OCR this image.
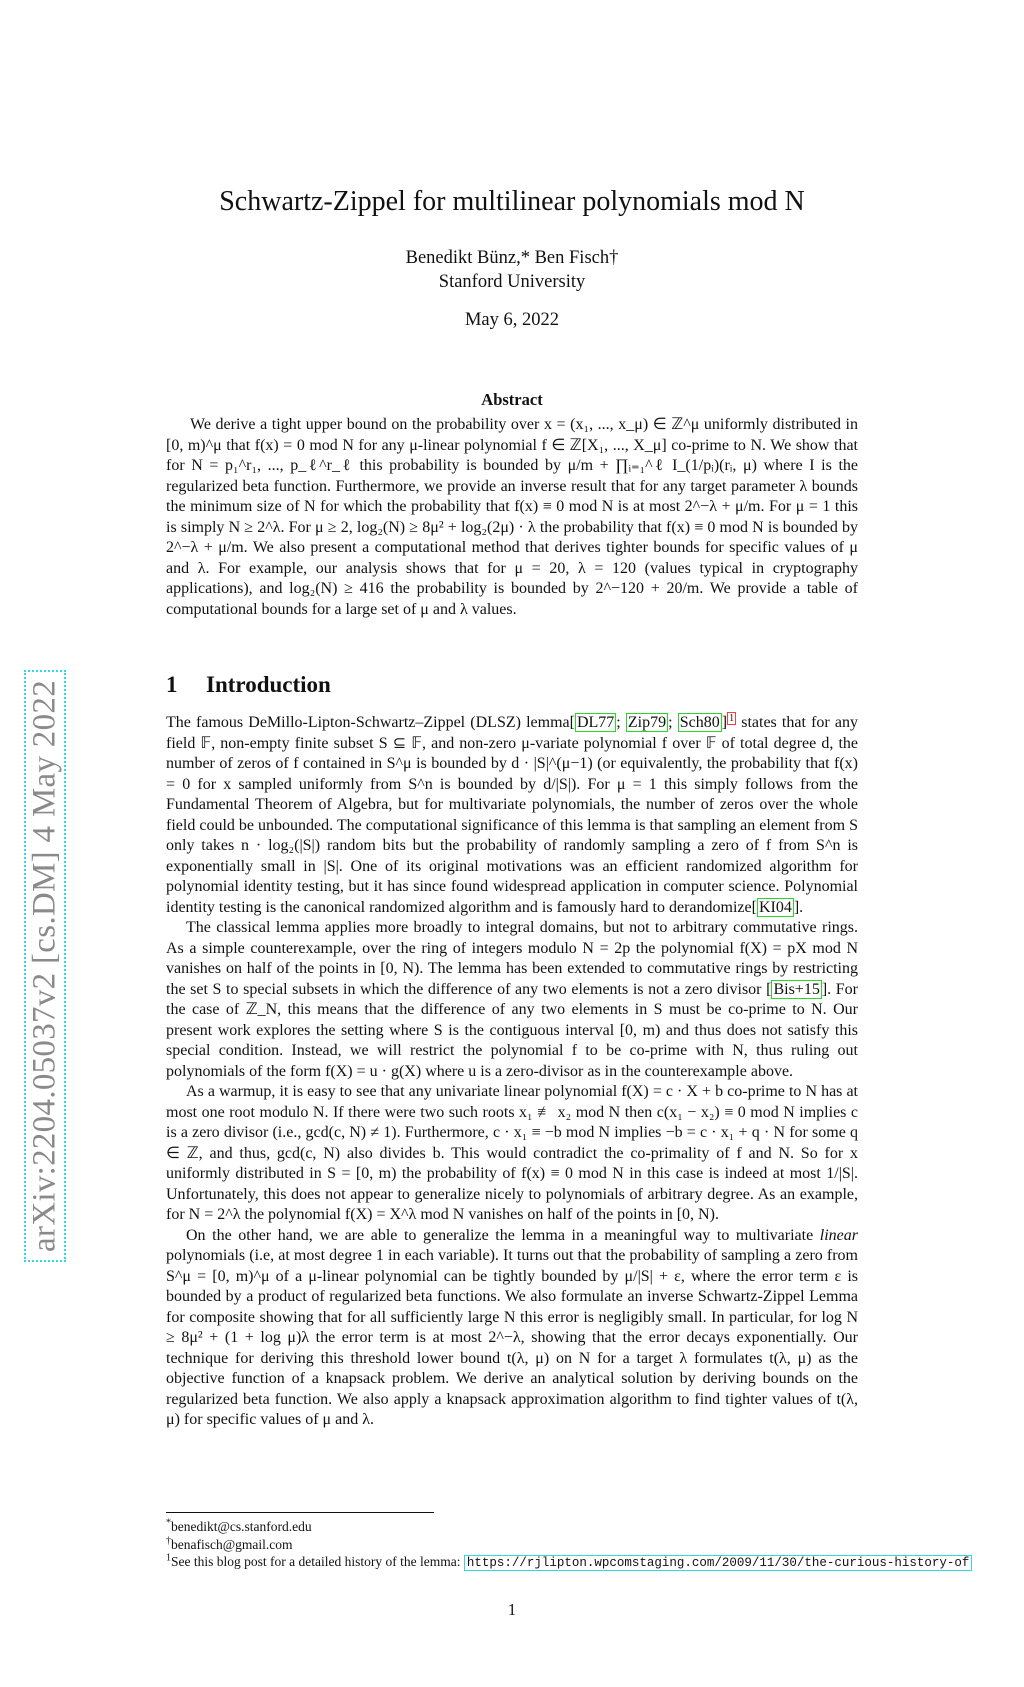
arXiv:2204.05037v2 [cs.DM] 4 May 2022
Schwartz-Zippel for multilinear polynomials mod N
Benedikt Bünz,* Ben Fisch†
Stanford University
May 6, 2022
Abstract

We derive a tight upper bound on the probability over x = (x₁, ..., x_μ) ∈ ℤ^μ uniformly distributed in [0, m)^μ that f(x) = 0 mod N for any μ-linear polynomial f ∈ ℤ[X₁, ..., X_μ] co-prime to N. We show that for N = p₁^r₁, ..., p_ℓ^r_ℓ this probability is bounded by μ/m + ∏ᵢ₌₁^ℓ I_(1/pᵢ)(rᵢ, μ) where I is the regularized beta function. Furthermore, we provide an inverse result that for any target parameter λ bounds the minimum size of N for which the probability that f(x) ≡ 0 mod N is at most 2^−λ + μ/m. For μ = 1 this is simply N ≥ 2^λ. For μ ≥ 2, log₂(N) ≥ 8μ² + log₂(2μ) · λ the probability that f(x) ≡ 0 mod N is bounded by 2^−λ + μ/m. We also present a computational method that derives tighter bounds for specific values of μ and λ. For example, our analysis shows that for μ = 20, λ = 120 (values typical in cryptography applications), and log₂(N) ≥ 416 the probability is bounded by 2^−120 + 20/m. We provide a table of computational bounds for a large set of μ and λ values.

1 Introduction

The famous DeMillo-Lipton-Schwartz–Zippel (DLSZ) lemma[ DL77 ; Zip79 ; Sch80 ] $^1$ states that for any field 𝔽, non-empty finite subset S ⊆ 𝔽, and non-zero μ-variate polynomial f over 𝔽 of total degree d, the number of zeros of f contained in S^μ is bounded by d · |S|^(μ−1) (or equivalently, the probability that f(x) = 0 for x sampled uniformly from S^n is bounded by d/|S|). For μ = 1 this simply follows from the Fundamental Theorem of Algebra, but for multivariate polynomials, the number of zeros over the whole field could be unbounded. The computational significance of this lemma is that sampling an element from S only takes n · log₂(|S|) random bits but the probability of randomly sampling a zero of f from S^n is exponentially small in |S|. One of its original motivations was an efficient randomized algorithm for polynomial identity testing, but it has since found widespread application in computer science. Polynomial identity testing is the canonical randomized algorithm and is famously hard to derandomize[ KI04 ].

The classical lemma applies more broadly to integral domains, but not to arbitrary commutative rings. As a simple counterexample, over the ring of integers modulo N = 2p the polynomial f(X) = pX mod N vanishes on half of the points in [0, N). The lemma has been extended to commutative rings by restricting the set S to special subsets in which the difference of any two elements is not a zero divisor [ Bis+15 ]. For the case of ℤ_N, this means that the difference of any two elements in S must be co-prime to N. Our present work explores the setting where S is the contiguous interval [0, m) and thus does not satisfy this special condition. Instead, we will restrict the polynomial f to be co-prime with N, thus ruling out polynomials of the form f(X) = u · g(X) where u is a zero-divisor as in the counterexample above.

As a warmup, it is easy to see that any univariate linear polynomial f(X) = c · X + b co-prime to N has at most one root modulo N. If there were two such roots x₁ ≢ x₂ mod N then c(x₁ − x₂) ≡ 0 mod N implies c is a zero divisor (i.e., gcd(c, N) ≠ 1). Furthermore, c · x₁ ≡ −b mod N implies −b = c · x₁ + q · N for some q ∈ ℤ, and thus, gcd(c, N) also divides b. This would contradict the co-primality of f and N. So for x uniformly distributed in S = [0, m) the probability of f(x) ≡ 0 mod N in this case is indeed at most 1/|S|. Unfortunately, this does not appear to generalize nicely to polynomials of arbitrary degree. As an example, for N = 2^λ the polynomial f(X) = X^λ mod N vanishes on half of the points in [0, N).

On the other hand, we are able to generalize the lemma in a meaningful way to multivariate linear polynomials (i.e, at most degree 1 in each variable). It turns out that the probability of sampling a zero from S^μ = [0, m)^μ of a μ-linear polynomial can be tightly bounded by μ/|S| + ε, where the error term ε is bounded by a product of regularized beta functions. We also formulate an inverse Schwartz-Zippel Lemma for composite showing that for all sufficiently large N this error is negligibly small. In particular, for log N ≥ 8μ² + (1 + log μ)λ the error term is at most 2^−λ, showing that the error decays exponentially. Our technique for deriving this threshold lower bound t(λ, μ) on N for a target λ formulates t(λ, μ) as the objective function of a knapsack problem. We derive an analytical solution by deriving bounds on the regularized beta function. We also apply a knapsack approximation algorithm to find tighter values of t(λ, μ) for specific values of μ and λ.

*benedikt@cs.stanford.edu
†benafisch@gmail.com
$^1$See this blog post for a detailed history of the lemma: https://rjlipton.wpcomstaging.com/2009/11/30/the-curious-history-of
1
